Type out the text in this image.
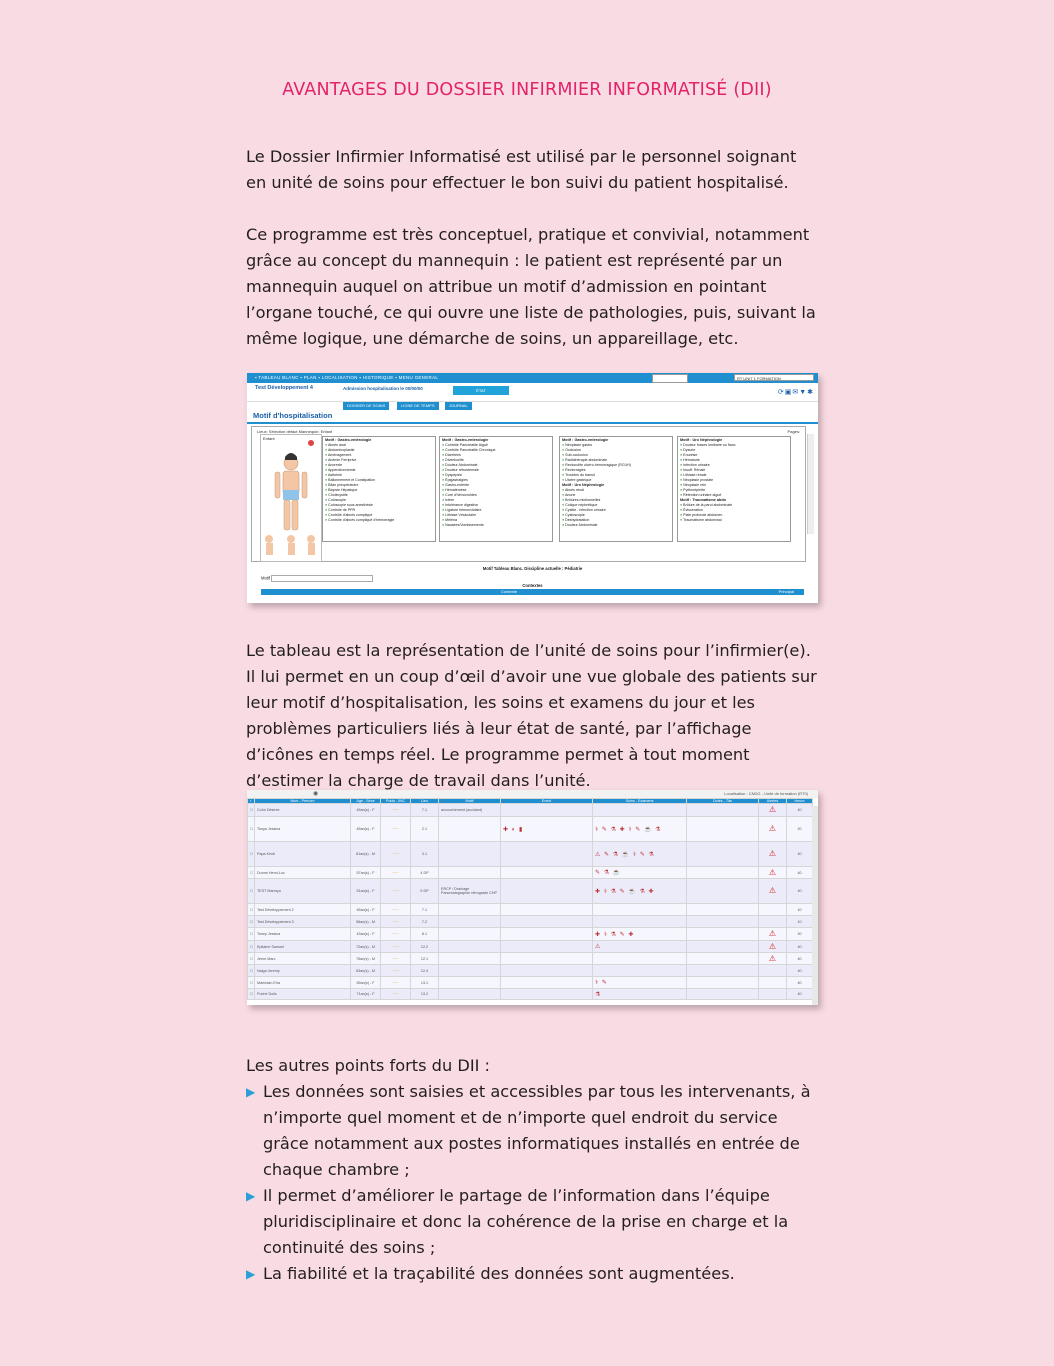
AVANTAGES DU DOSSIER INFIRMIER INFORMATISÉ (DII)

Le Dossier Infirmier Informatisé est utilisé par le personnel soignant en unité de soins pour effectuer le bon suivi du patient hospitalisé.

Ce programme est très conceptuel, pratique et convivial, notamment grâce au concept du mannequin : le patient est représenté par un mannequin auquel on attribue un motif d’admission en pointant l’organe touché, ce qui ouvre une liste de pathologies, puis, suivant la même logique, une démarche de soins, un appareillage, etc.

▪ TABLEAU BLANC ▪ PLAN ▪ LOCALISATION ▪ HISTORIQUE ▪ MENU GENERAL	RT UNIT 1 FORMATION
Test Développement 4	Admission hospitalisation le 00/00/00	ÉTAT	⟳▣✉▼✱
DOSSIER DE SOINS	LIGNE DE TEMPS	JOURNAL
Motif d'hospitalisation
Lieux: Sélection défaut Mannequin: Enfant	Pages:
Enfant	Motif : Gastro-entérologie
● Abcès anal
● Abdominoplastie
● Aménagement
● Anémie Ferriprive
● Anorexie
● Appendicectomie
● Asthénie
● Ballonnement et Constipation
● Bilan préopératoire
● Biopsie Hépatique
● Cholécystite
● Coloscopie
● Coloscopie sous anesthésie
● Contrôle de PPR
● Contrôle d'abcès compliqué
● Contrôle d'abcès compliqué d'hémorragie
Motif : Gastro-entérologie
● Contrôle Pancréatite Aiguë
● Contrôle Pancréatite Chronique
● Diarrhées
● Diverticulite
● Douleur Abdominale
● Douleur rétrosternale
● Dyspepsie
● Épigastralgies
● Gastro-entérite
● Hématémèse
● Cure d'hémorroïdes
● Ictère
● Intolérance digestive
● Ligature hémorroïdaire
● Lithiase Vésiculaire
● Méléna
● Nausées/Vomissements
Motif : Gastro-entérologie
● Néoplasie gastro
● Occlusion
● Sub-occlusion
● Radiothérapie abdominale
● Rectocolite ulcéro-hémorragique (RCUH)
● Rectorragies
● Troubles du transit
● Ulcère gastrique
Motif : Uro Néphrologie
● Abcès rénal
● Anurie
● Brûlures mictionnelles
● Colique néphrétique
● Cystite - infection urinaire
● Cystoscopie
● Déshydratation
● Douleur Abdominale
Motif : Uro Néphrologie
● Douleur fosses lombaire ou flanc
● Dysurie
● Enurésie
● Hématurie
● Infection urinaire
● Insuff. Rénale
● Lithiase rénale
● Néoplasie prostate
● Néoplasie rein
● Pyélonéphrite
● Rétention urinaire aiguë
Motif : Traumatisme abdo
● Brûlure de la paroi abdominale
● Éviscération
● Plaie profonde abdomen
● Traumatisme abdominal
Motif Tableau Blanc. Discipline actuelle : Pédiatrie
Motif
Contextes
Contexte	Principal

Le tableau est la représentation de l’unité de soins pour l’infirmier(e). Il lui permet en un coup d’œil d’avoir une vue globale des patients sur leur motif d’hospitalisation, les soins et examens du jour et les problèmes particuliers liés à leur état de santé, par l’affichage d’icônes en temps réel. Le programme permet à tout moment d’estimer la charge de travail dans l’unité.

◉	Localisation : CNDG - Unité de formation (RT0)
▪	Nom - Prénom	Age - Sexe	Poids - IMC	Lieu	Motif	Event	Soins - Examens	Dotés - Tâs	Alertes	Heure
☐	Cohn Désirée	45an(s) - F	~~~	7.1	accouchement (accidant)				⚠	40
☐	Tonya Jessica	45an(s) - F	~~~	2.1		✚ ◐ ▮	⚕ ✎ ⚗ ✚ ⚕ ✎ ☕ ⚗		⚠	20
☐	Papa Kindi	81an(s) - M	~~~	3.1			⚠ ✎ ⚗ ☕ ⚕ ✎ ⚗		⚠	40
☐	Dunne Henri-Luc	57an(s) - F	~~~	4 DP			✎ ⚗ ☕		⚠	40
☐	TEST Marroyo	51an(s) - F	~~~	5 DP	ERCP / Drainage Pancréatographie rétrograde CHP		✚ ⚕ ⚗ ✎ ☕ ⚗ ✚		⚠	40
☐	Test Développement 2	45an(s) - F	~~~	7.1						10
☐	Test Développement 3	56an(s) - M	~~~	7.2						10
☐	Toney Jessica	43an(s) - F	~~~	8.1			✚ ⚕ ⚗ ✎ ✚		⚠	20
☐	Epitaine Samuel	72an(s) - M	~~~	12.2			⚠		⚠	40
☐	Jerne Marc	75an(s) - M	~~~	12.1					⚠	40
☐	Nalga Jeremy	63an(s) - M	~~~	12.4						40
☐	Marindan Eria	55an(s) - F	~~~	13.1			⚕ ✎			40
☐	Poché Dolis	71an(s) - F	~~~	13.2			⚗			40

Les autres points forts du DII :

▶ Les données sont saisies et accessibles par tous les intervenants, à n’importe quel moment et de n’importe quel endroit du service grâce notamment aux postes informatiques installés en entrée de chaque chambre ;
▶ Il permet d’améliorer le partage de l’information dans l’équipe pluridisciplinaire et donc la cohérence de la prise en charge et la continuité des soins ;
▶ La fiabilité et la traçabilité des données sont augmentées.
